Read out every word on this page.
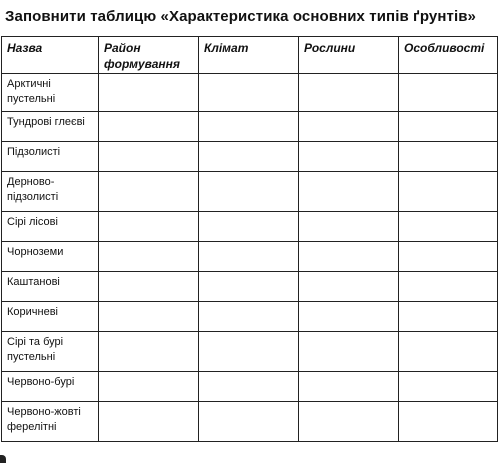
Заповнити таблицю «Характеристика основних типів ґрунтів»
Назва	Район формування	Клімат	Рослини	Особливості
Арктичні пустельні				
Тундрові глеєві				
Підзолисті				
Дерново-підзолисті				
Сірі лісові				
Чорноземи				
Каштанові				
Коричневі				
Сірі та бурі пустельні				
Червоно-бурі				
Червоно-жовті ферелітні				
